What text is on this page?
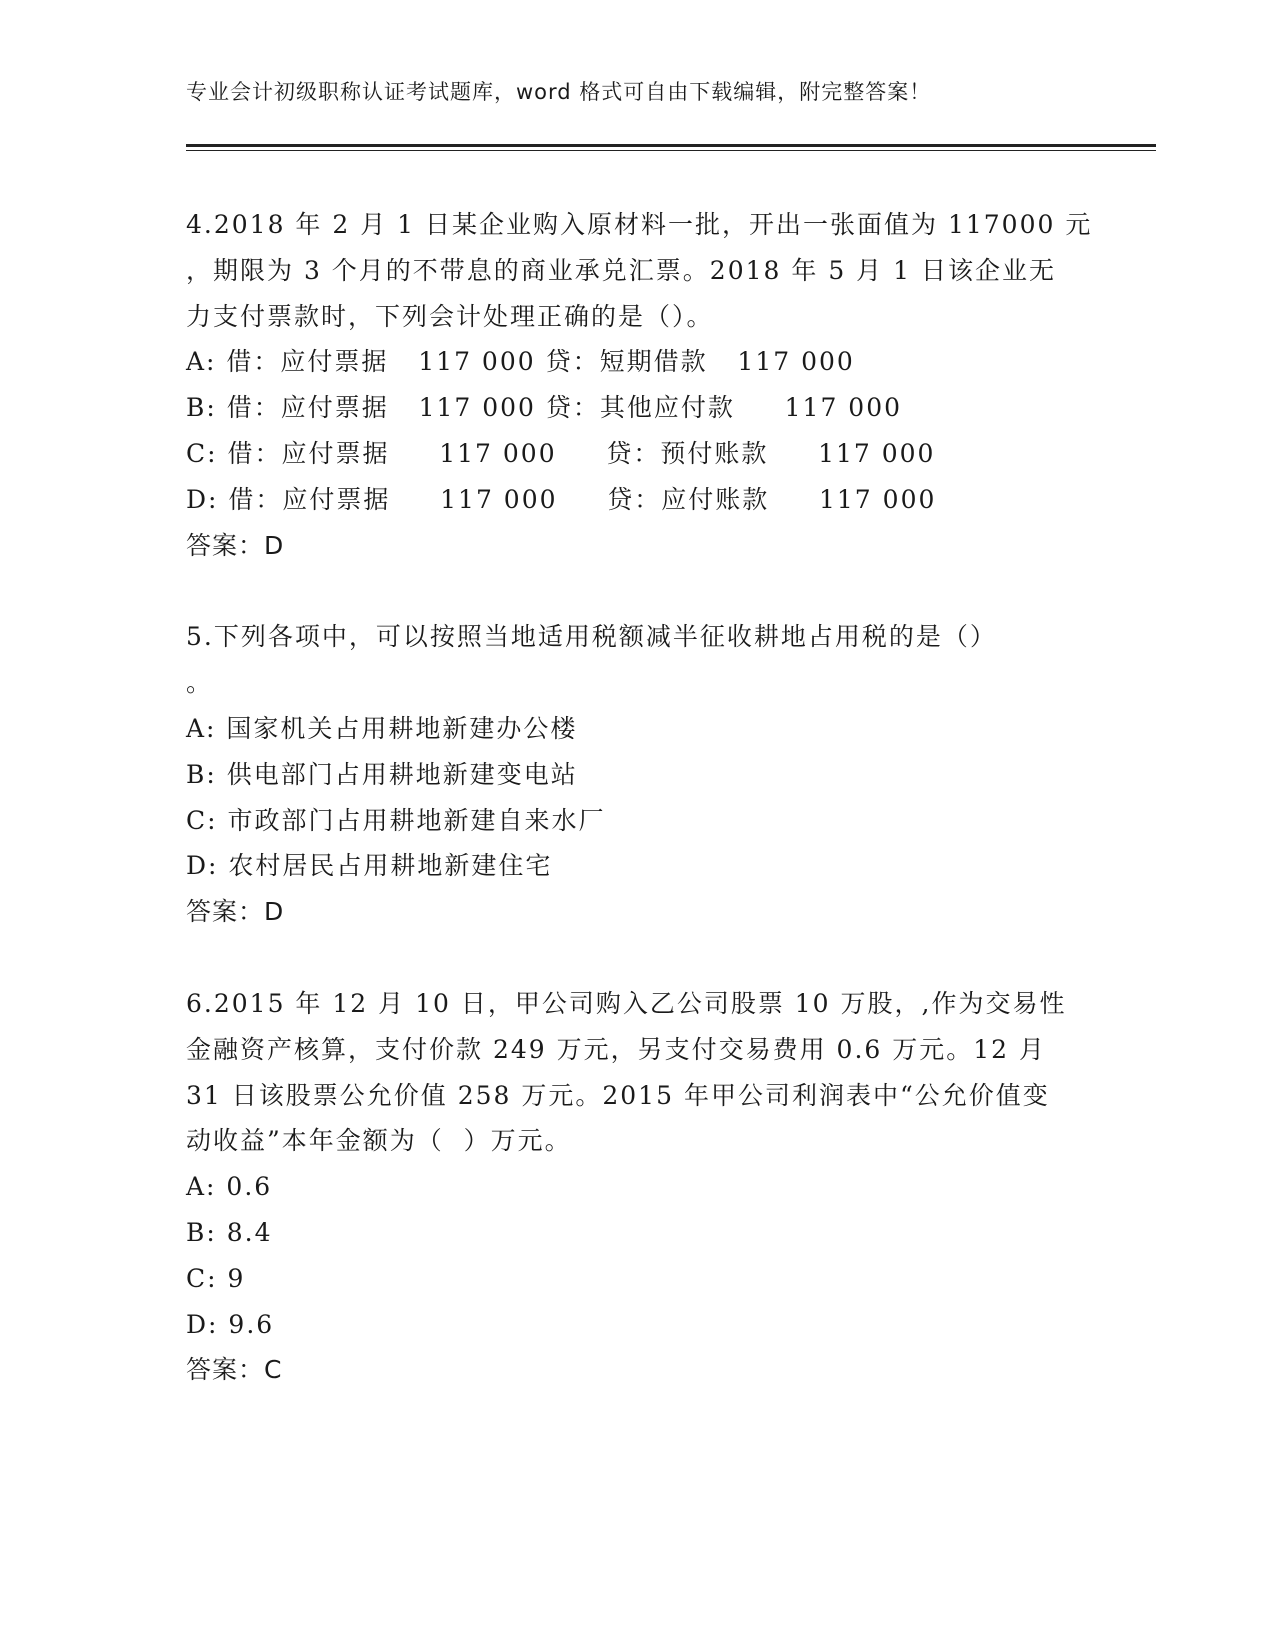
专业会计初级职称认证考试题库，word 格式可自由下载编辑，附完整答案！
4.2018 年 2 月 1 日某企业购入原材料一批，开出一张面值为 117000 元
，期限为 3 个月的不带息的商业承兑汇票。2018 年 5 月 1 日该企业无
力支付票款时，下列会计处理正确的是（）。
A: 借：应付票据   117 000 贷：短期借款   117 000
B: 借：应付票据   117 000 贷：其他应付款     117 000
C: 借：应付票据     117 000     贷：预付账款     117 000
D: 借：应付票据     117 000     贷：应付账款     117 000
答案：D
5.下列各项中，可以按照当地适用税额减半征收耕地占用税的是（）
。
A: 国家机关占用耕地新建办公楼
B: 供电部门占用耕地新建变电站
C: 市政部门占用耕地新建自来水厂
D: 农村居民占用耕地新建住宅
答案：D
6.2015 年 12 月 10 日，甲公司购入乙公司股票 10 万股，,作为交易性
金融资产核算，支付价款 249 万元，另支付交易费用 0.6 万元。12 月
31 日该股票公允价值 258 万元。2015 年甲公司利润表中“公允价值变
动收益”本年金额为（  ）万元。
A: 0.6
B: 8.4
C: 9
D: 9.6
答案：C
